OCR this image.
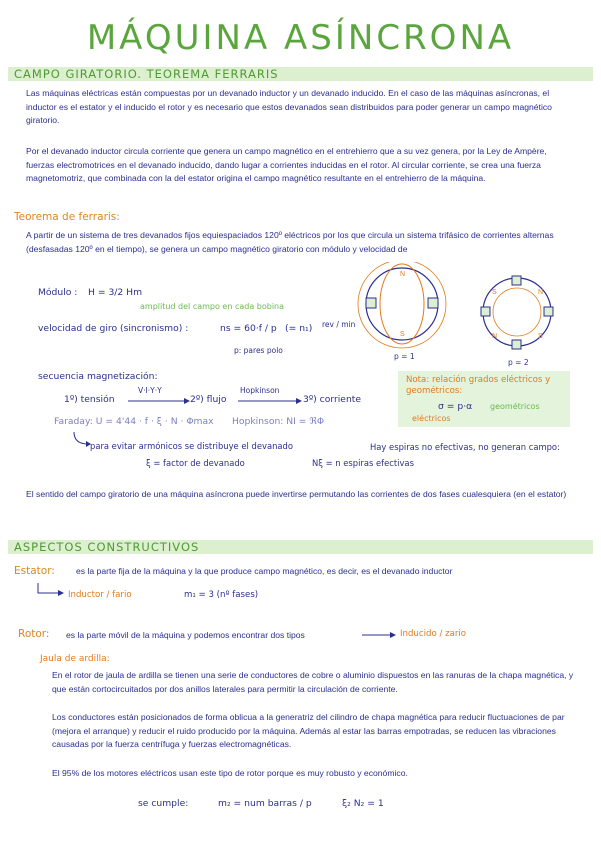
MÁQUINA ASÍNCRONA
CAMPO GIRATORIO. TEOREMA FERRARIS
Las máquinas eléctricas están compuestas por un devanado inductor y un devanado inducido. En el caso de las máquinas asíncronas, el inductor es el estator y el inducido el rotor y es necesario que estos devanados sean distribuidos para poder generar un campo magnético giratorio.
Por el devanado inductor circula corriente que genera un campo magnético en el entrehierro que a su vez genera, por la Ley de Ampère, fuerzas electromotrices en el devanado inducido, dando lugar a corrientes inducidas en el rotor. Al circular corriente, se crea una fuerza magnetomotriz, que combinada con la del estator origina el campo magnético resultante en el entrehierro de la máquina.
Teorema de ferraris:
A partir de un sistema de tres devanados fijos equiespaciados 120º eléctricos por los que circula un sistema trifásico de corrientes alternas (desfasadas 120º en el tiempo), se genera un campo magnético giratorio con módulo y velocidad de
Módulo : H = 3/2 Hm
amplitud del campo en cada bobina
velocidad de giro (sincronismo) :	ns = 60·f / p (= n₁) rev / min
p: pares polo
N
S
S	N
N	S
p = 1
p = 2
secuencia magnetización:
1º) tensión
V·I·Y·Y
2º) flujo
Hopkinson
3º) corriente
Faraday: U = 4'44 · f · ξ · N · Φmax Hopkinson: NI = ℜΦ
Nota: relación grados eléctricos y geométricos:
σ = p·α
eléctricos
geométricos
para evitar armónicos se distribuye el devanado	Hay espiras no efectivas, no generan campo:
ξ = factor de devanado	Nξ = n espiras efectivas
El sentido del campo giratorio de una máquina asíncrona puede invertirse permutando las corrientes de dos fases cualesquiera (en el estator)
ASPECTOS CONSTRUCTIVOS
Estator: es la parte fija de la máquina y la que produce campo magnético, es decir, es el devanado inductor
Inductor / fario	m₁ = 3 (nº fases)
Rotor: es la parte móvil de la máquina y podemos encontrar dos tipos	Inducido / zario
Jaula de ardilla:
En el rotor de jaula de ardilla se tienen una serie de conductores de cobre o aluminio dispuestos en las ranuras de la chapa magnética, y que están cortocircuitados por dos anillos laterales para permitir la circulación de corriente.
Los conductores están posicionados de forma oblicua a la generatriz del cilindro de chapa magnética para reducir fluctuaciones de par (mejora el arranque) y reducir el ruido producido por la máquina. Además al estar las barras empotradas, se reducen las vibraciones causadas por la fuerza centrífuga y fuerzas electromagnéticas.
El 95% de los motores eléctricos usan este tipo de rotor porque es muy robusto y económico.
se cumple:	m₂ = num barras / p	ξ₂ N₂ = 1
